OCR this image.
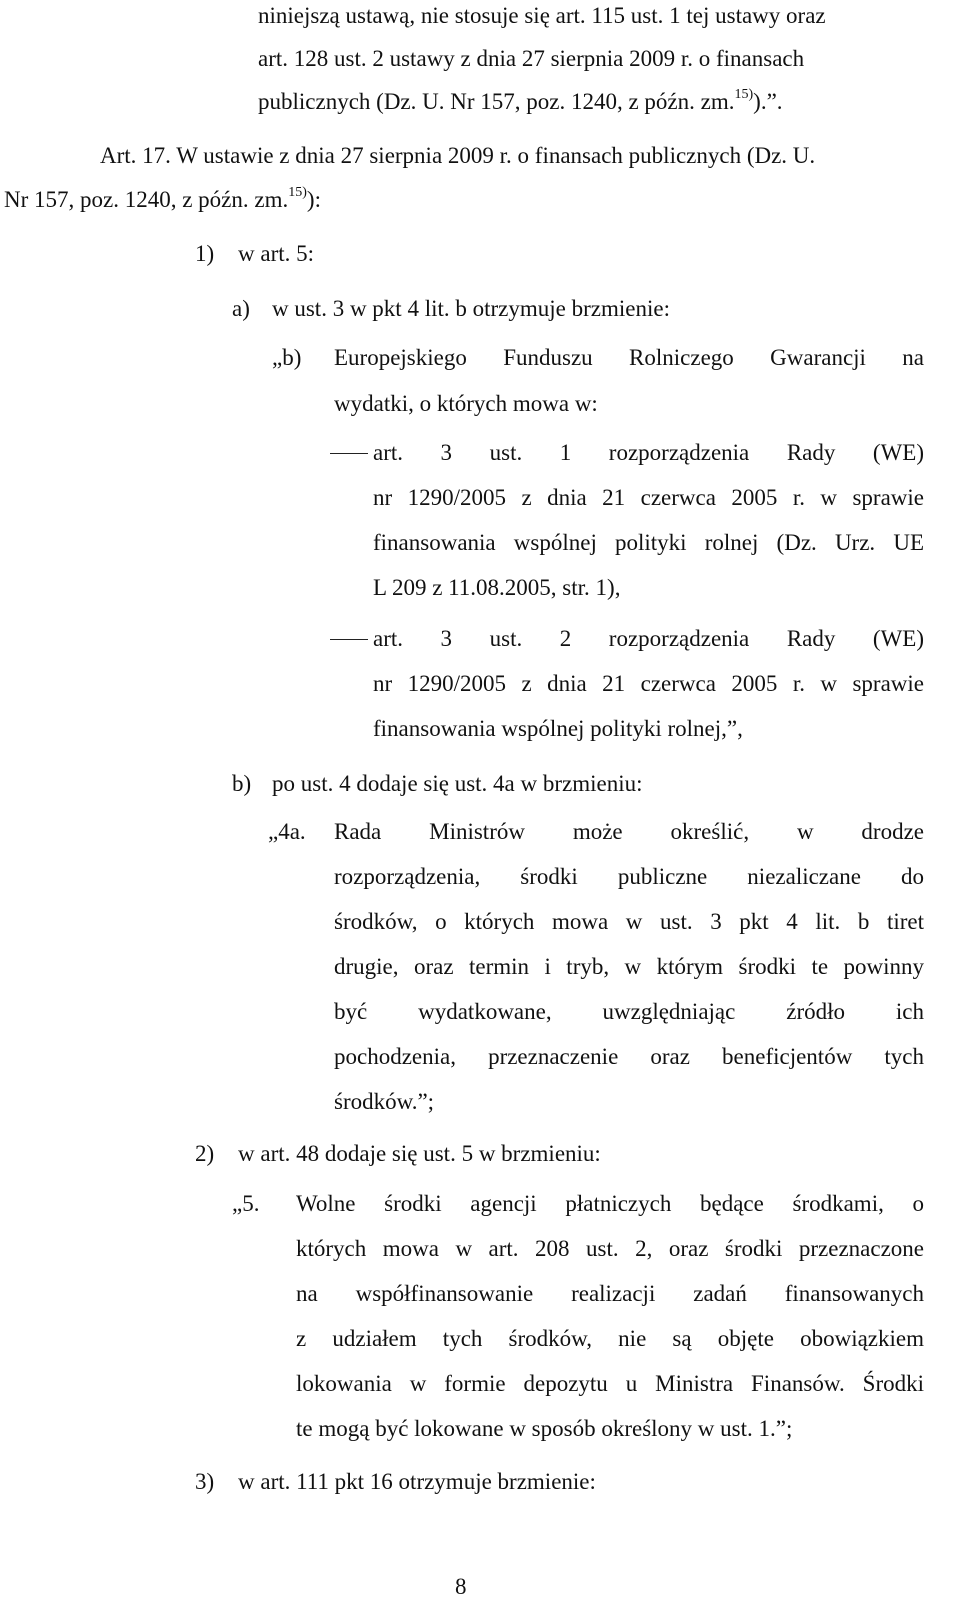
niniejszą ustawą, nie stosuje się art. 115 ust. 1 tej ustawy oraz
art. 128 ust. 2 ustawy z dnia 27 sierpnia 2009 r. o finansach
publicznych (Dz. U. Nr 157, poz. 1240, z późn. zm.$^{15)}$).”.
Art. 17. W ustawie z dnia 27 sierpnia 2009 r. o finansach publicznych (Dz. U.
Nr 157, poz. 1240, z późn. zm.$^{15)}$):
1) w art. 5:
a) w ust. 3 w pkt 4 lit. b otrzymuje brzmienie:
„b) Europejskiego Funduszu Rolniczego Gwarancji na
wydatki, o których mowa w:
art. 3 ust. 1 rozporządzenia Rady (WE)
nr 1290/2005 z dnia 21 czerwca 2005 r. w sprawie
finansowania wspólnej polityki rolnej (Dz. Urz. UE
L 209 z 11.08.2005, str. 1),
art. 3 ust. 2 rozporządzenia Rady (WE)
nr 1290/2005 z dnia 21 czerwca 2005 r. w sprawie
finansowania wspólnej polityki rolnej,”,
b) po ust. 4 dodaje się ust. 4a w brzmieniu:
„4a. Rada Ministrów może określić, w drodze
rozporządzenia, środki publiczne niezaliczane do
środków, o których mowa w ust. 3 pkt 4 lit. b tiret
drugie, oraz termin i tryb, w którym środki te powinny
być wydatkowane, uwzględniając źródło ich
pochodzenia, przeznaczenie oraz beneficjentów tych
środków.”;
2) w art. 48 dodaje się ust. 5 w brzmieniu:
„5. Wolne środki agencji płatniczych będące środkami, o
których mowa w art. 208 ust. 2, oraz środki przeznaczone
na współfinansowanie realizacji zadań finansowanych
z udziałem tych środków, nie są objęte obowiązkiem
lokowania w formie depozytu u Ministra Finansów. Środki
te mogą być lokowane w sposób określony w ust. 1.”;
3) w art. 111 pkt 16 otrzymuje brzmienie:
8
